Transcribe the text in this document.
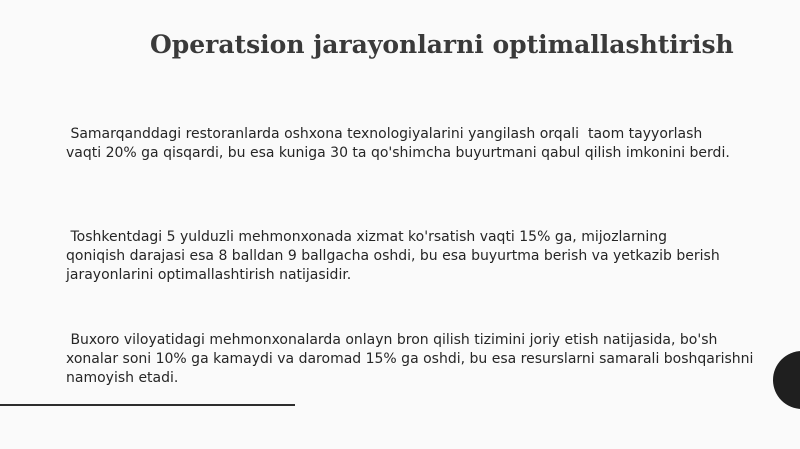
Operatsion jarayonlarni optimallashtirish

Samarqanddagi restoranlarda oshxona texnologiyalarini yangilash orqali  taom tayyorlash
vaqti 20% ga qisqardi, bu esa kuniga 30 ta qo'shimcha buyurtmani qabul qilish imkonini berdi.

Toshkentdagi 5 yulduzli mehmonxonada xizmat ko'rsatish vaqti 15% ga, mijozlarning
qoniqish darajasi esa 8 balldan 9 ballgacha oshdi, bu esa buyurtma berish va yetkazib berish
jarayonlarini optimallashtirish natijasidir.

Buxoro viloyatidagi mehmonxonalarda onlayn bron qilish tizimini joriy etish natijasida, bo'sh
xonalar soni 10% ga kamaydi va daromad 15% ga oshdi, bu esa resurslarni samarali boshqarishni
namoyish etadi.
